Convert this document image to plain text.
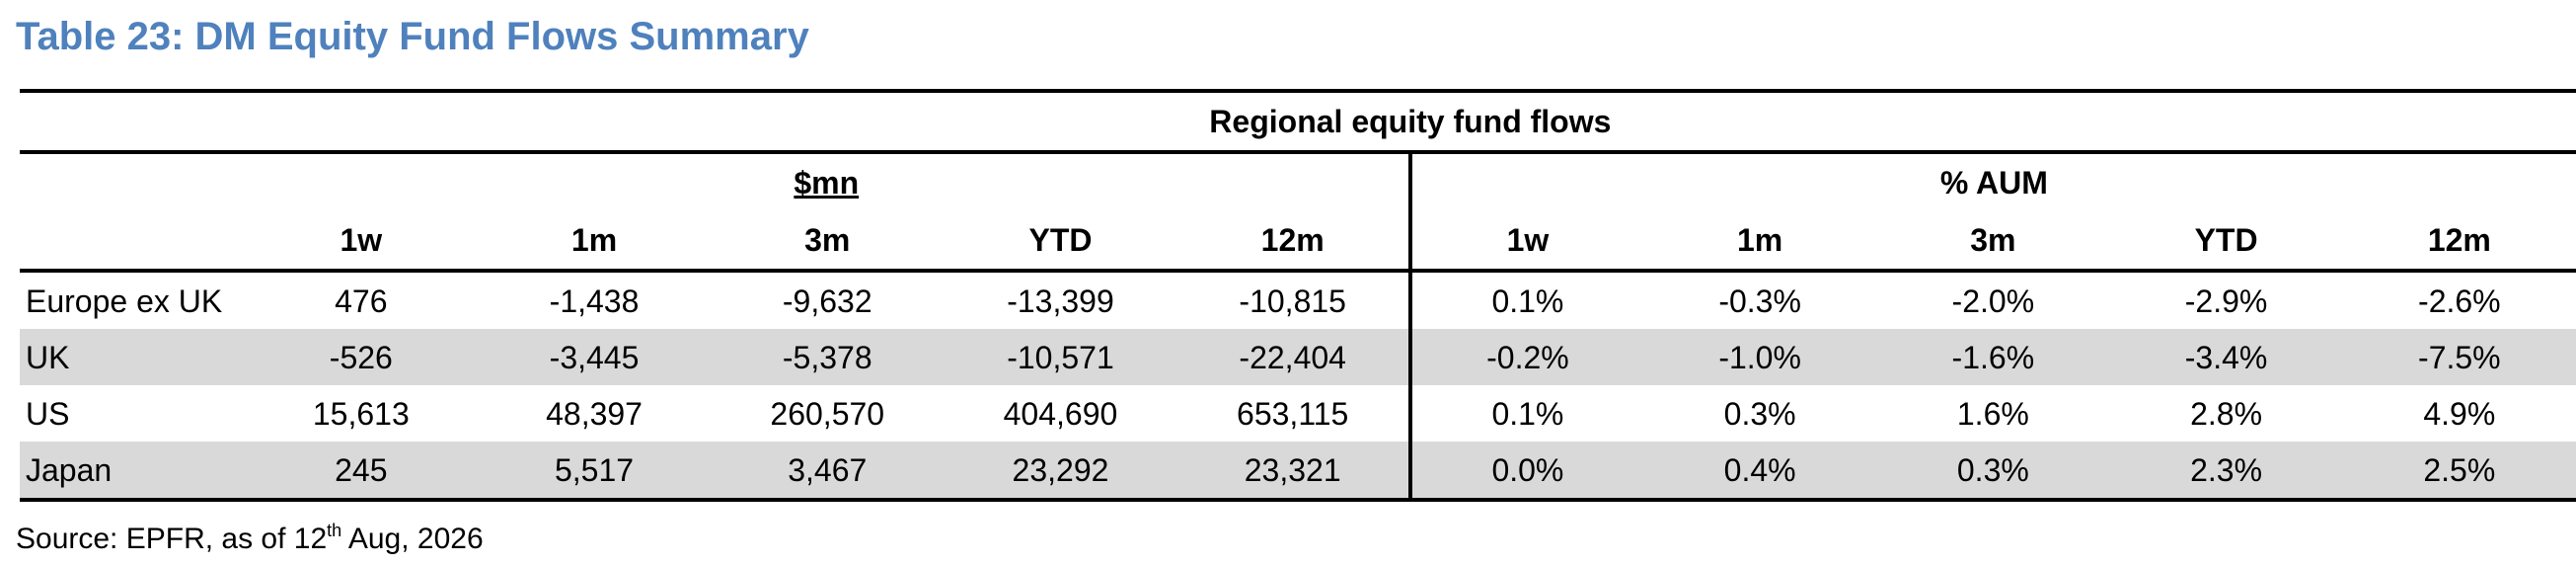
Table 23: DM Equity Fund Flows Summary
	Regional equity fund flows									
	$mn					% AUM				
	1w	1m	3m	YTD	12m	1w	1m	3m	YTD	12m
Europe ex UK	476	-1,438	-9,632	-13,399	-10,815	0.1%	-0.3%	-2.0%	-2.9%	-2.6%
UK	-526	-3,445	-5,378	-10,571	-22,404	-0.2%	-1.0%	-1.6%	-3.4%	-7.5%
US	15,613	48,397	260,570	404,690	653,115	0.1%	0.3%	1.6%	2.8%	4.9%
Japan	245	5,517	3,467	23,292	23,321	0.0%	0.4%	0.3%	2.3%	2.5%
Source: EPFR, as of 12th Aug, 2026
